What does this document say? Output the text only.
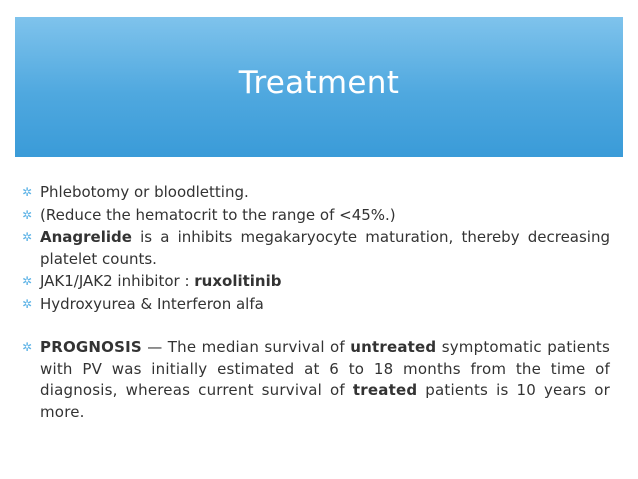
Treatment
✲ Phlebotomy or bloodletting.
✲ (Reduce the hematocrit to the range of <45%.)
✲ Anagrelide is a inhibits megakaryocyte maturation, thereby decreasing platelet counts.
✲ JAK1/JAK2 inhibitor : ruxolitinib
✲ Hydroxyurea & Interferon alfa
✲ PROGNOSIS — The median survival of untreated symptomatic patients with PV was initially estimated at 6 to 18 months from the time of diagnosis, whereas current survival of treated patients is 10 years or more.
